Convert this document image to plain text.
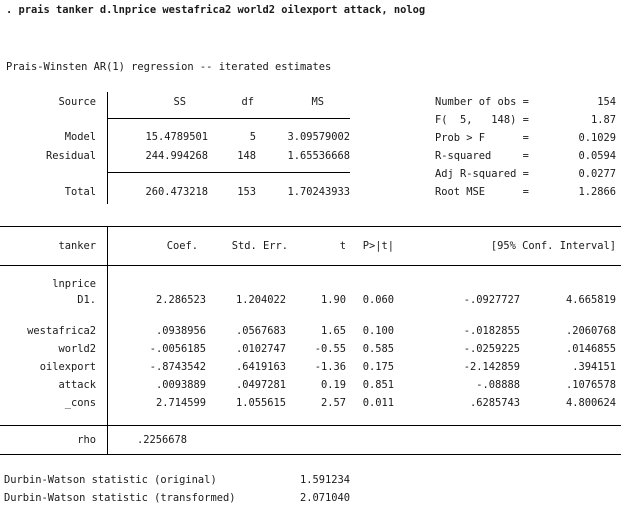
. prais tanker d.lnprice westafrica2 world2 oilexport attack, nolog
Prais-Winsten AR(1) regression -- iterated estimates
Source	SS	df	MS
Model	15.4789501	5	3.09579002
Residual	244.994268	148	1.65536668
Total	260.473218	153	1.70243933
Number of obs =	154
F(  5,   148) =	1.87
Prob > F      =	0.1029
R-squared     =	0.0594
Adj R-squared =	0.0277
Root MSE      =	1.2866
tanker	Coef.	Std. Err.	t	P>|t|	[95% Conf. Interval]
lnprice
D1.	2.286523	1.204022	1.90	0.060	-.0927727	4.665819
westafrica2	.0938956	.0567683	1.65	0.100	-.0182855	.2060768
world2	-.0056185	.0102747	-0.55	0.585	-.0259225	.0146855
oilexport	-.8743542	.6419163	-1.36	0.175	-2.142859	.394151
attack	.0093889	.0497281	0.19	0.851	-.08888	.1076578
_cons	2.714599	1.055615	2.57	0.011	.6285743	4.800624
rho	.2256678
Durbin-Watson statistic (original)	1.591234
Durbin-Watson statistic (transformed)	2.071040
